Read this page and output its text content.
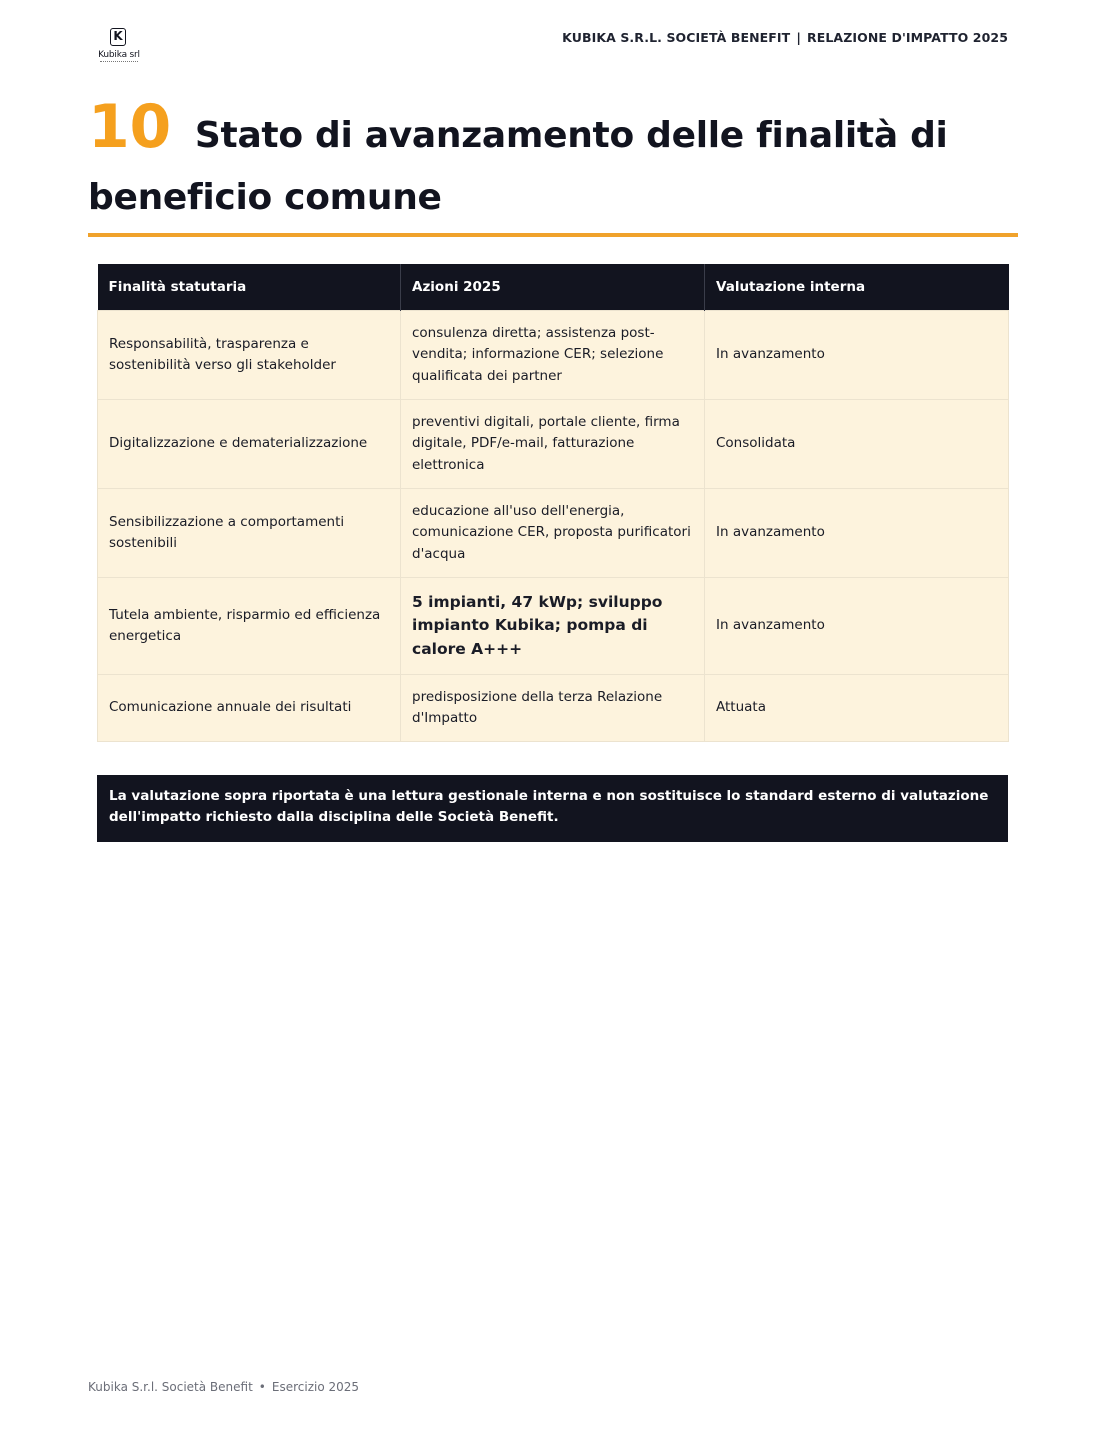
K
Kubika srl
KUBIKA S.R.L. SOCIETÀ BENEFIT | RELAZIONE D'IMPATTO 2025
10 Stato di avanzamento delle finalità di beneficio comune
Finalità statutaria	Azioni 2025	Valutazione interna
Responsabilità, trasparenza e sostenibilità verso gli stakeholder	consulenza diretta; assistenza post-vendita; informazione CER; selezione qualificata dei partner	In avanzamento
Digitalizzazione e dematerializzazione	preventivi digitali, portale cliente, firma digitale, PDF/e-mail, fatturazione elettronica	Consolidata
Sensibilizzazione a comportamenti sostenibili	educazione all'uso dell'energia, comunicazione CER, proposta purificatori d'acqua	In avanzamento
Tutela ambiente, risparmio ed efficienza energetica	5 impianti, 47 kWp; sviluppo impianto Kubika; pompa di calore A+++	In avanzamento
Comunicazione annuale dei risultati	predisposizione della terza Relazione d'Impatto	Attuata
La valutazione sopra riportata è una lettura gestionale interna e non sostituisce lo standard esterno di valutazione dell'impatto richiesto dalla disciplina delle Società Benefit.
Kubika S.r.l. Società Benefit • Esercizio 2025
